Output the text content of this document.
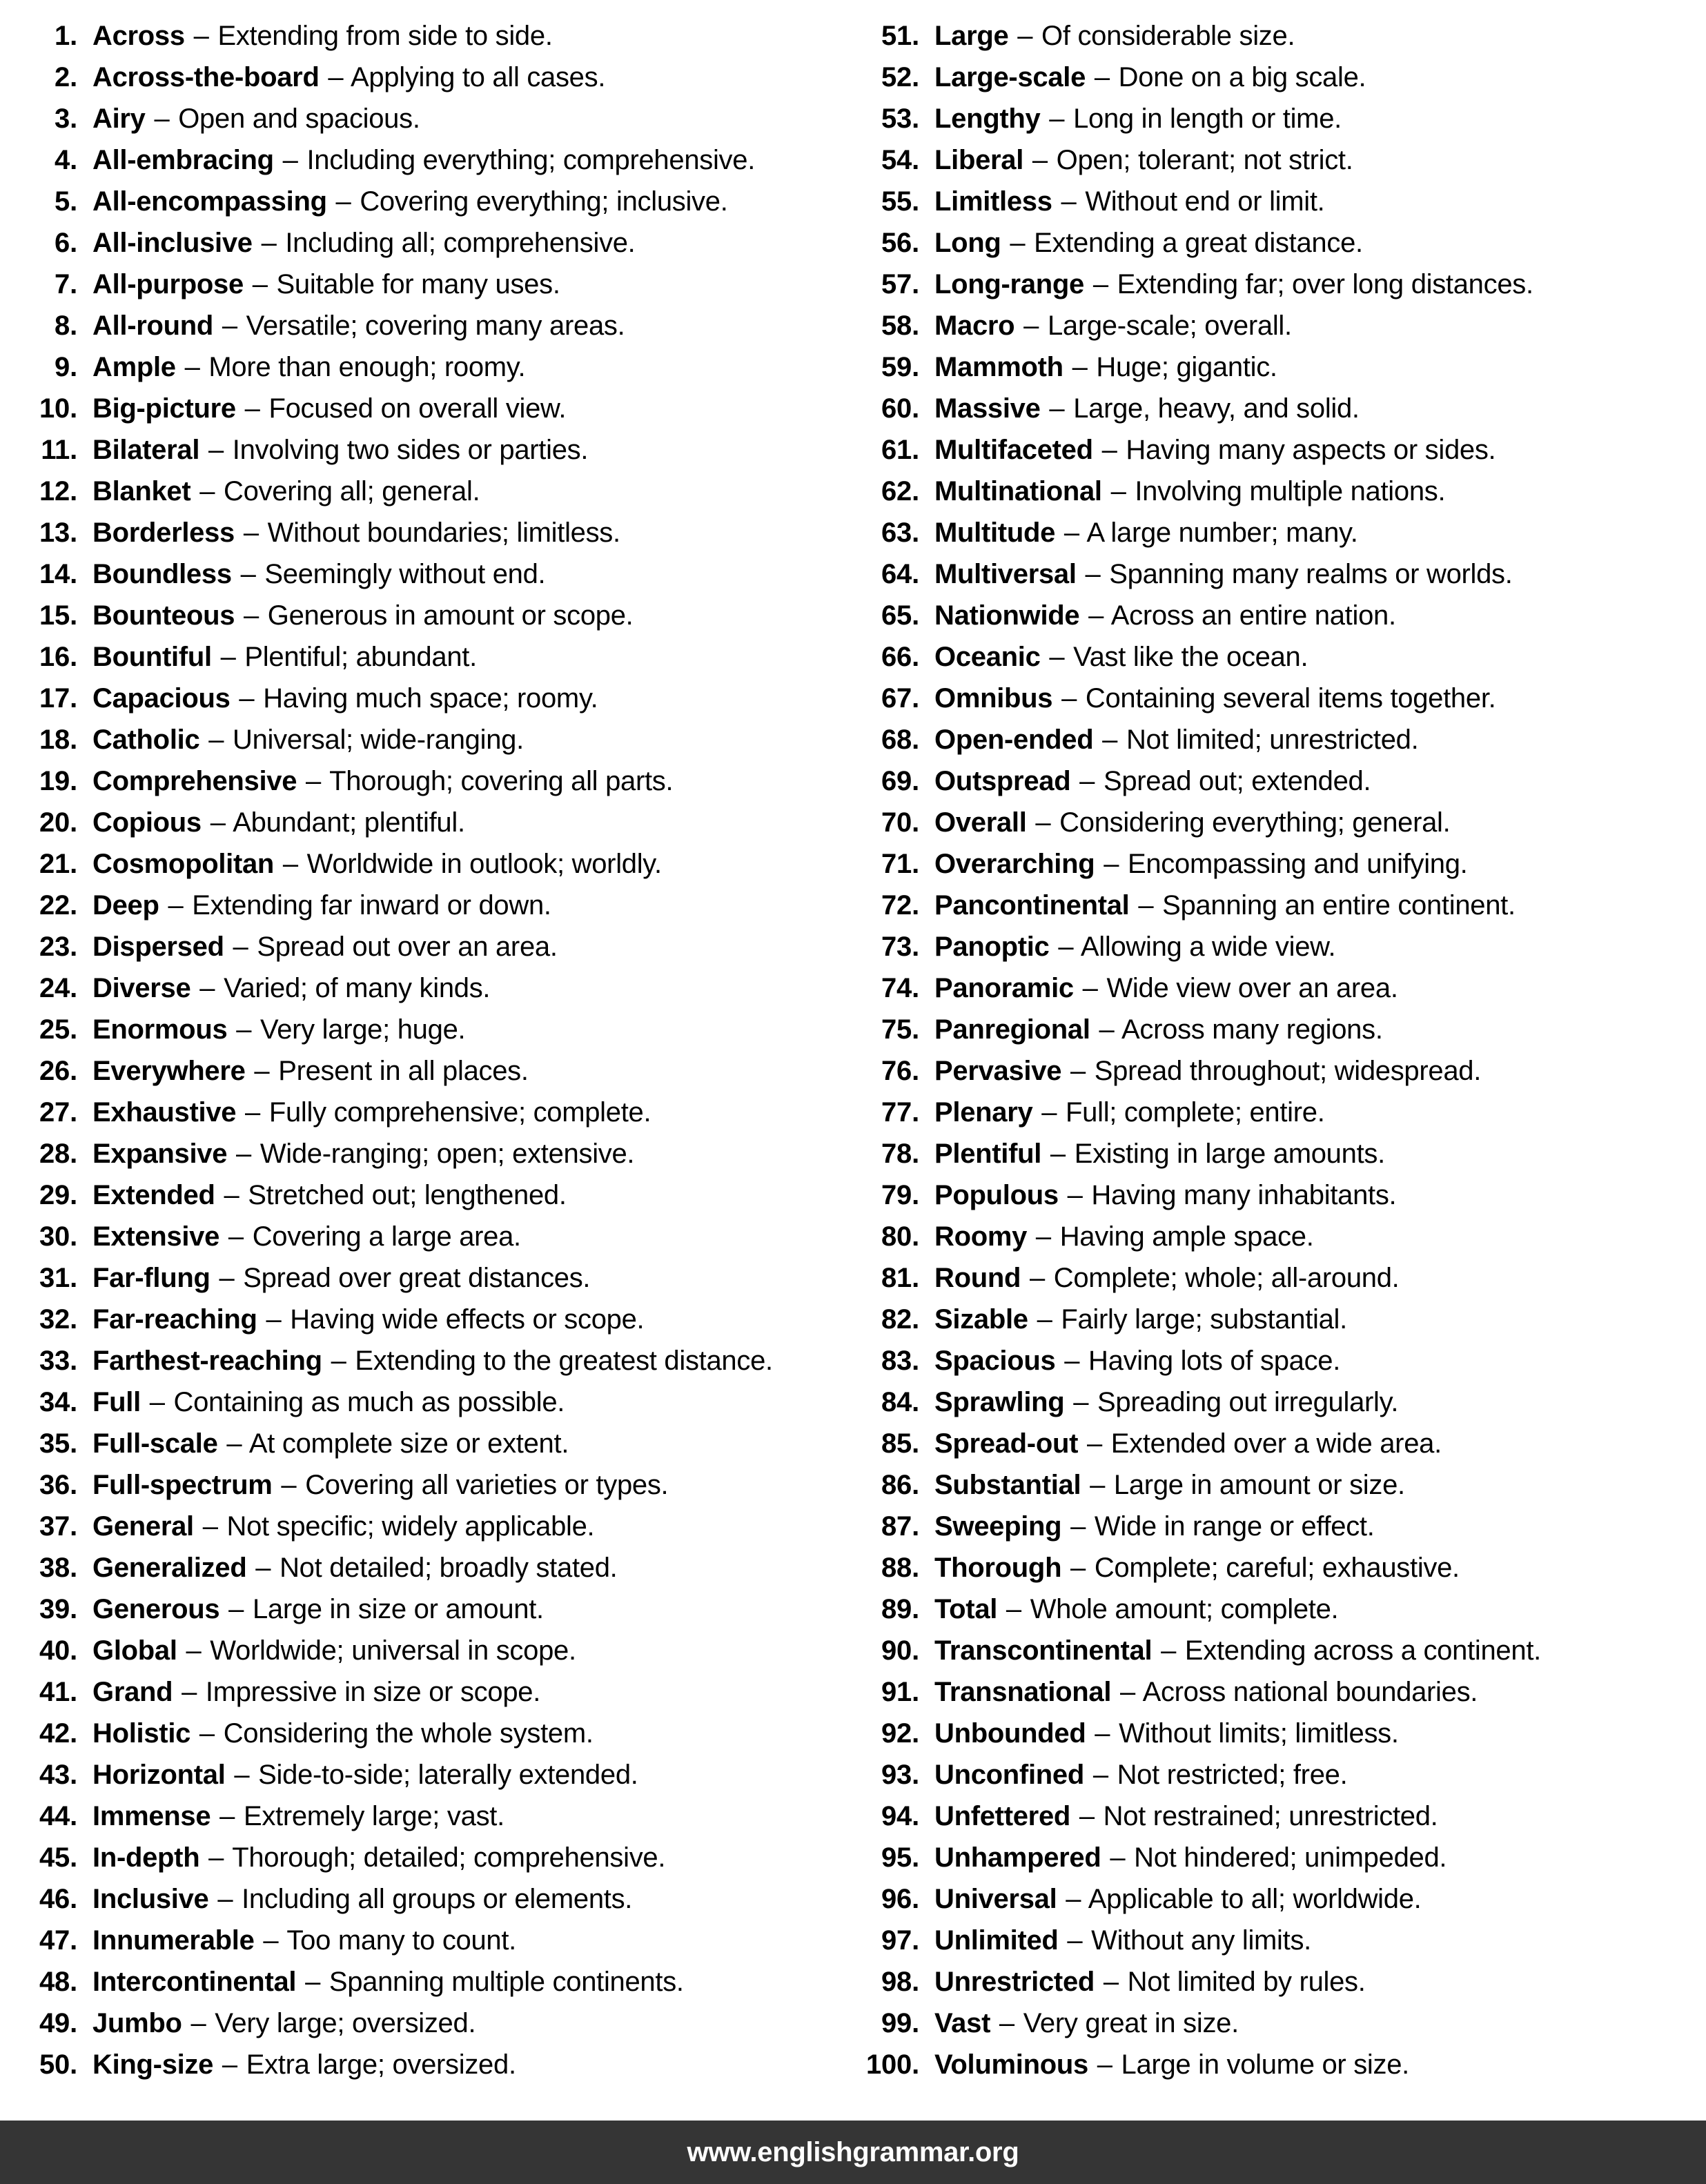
1. Across – Extending from side to side.
2. Across-the-board – Applying to all cases.
3. Airy – Open and spacious.
4. All-embracing – Including everything; comprehensive.
5. All-encompassing – Covering everything; inclusive.
6. All-inclusive – Including all; comprehensive.
7. All-purpose – Suitable for many uses.
8. All-round – Versatile; covering many areas.
9. Ample – More than enough; roomy.
10. Big-picture – Focused on overall view.
11. Bilateral – Involving two sides or parties.
12. Blanket – Covering all; general.
13. Borderless – Without boundaries; limitless.
14. Boundless – Seemingly without end.
15. Bounteous – Generous in amount or scope.
16. Bountiful – Plentiful; abundant.
17. Capacious – Having much space; roomy.
18. Catholic – Universal; wide-ranging.
19. Comprehensive – Thorough; covering all parts.
20. Copious – Abundant; plentiful.
21. Cosmopolitan – Worldwide in outlook; worldly.
22. Deep – Extending far inward or down.
23. Dispersed – Spread out over an area.
24. Diverse – Varied; of many kinds.
25. Enormous – Very large; huge.
26. Everywhere – Present in all places.
27. Exhaustive – Fully comprehensive; complete.
28. Expansive – Wide-ranging; open; extensive.
29. Extended – Stretched out; lengthened.
30. Extensive – Covering a large area.
31. Far-flung – Spread over great distances.
32. Far-reaching – Having wide effects or scope.
33. Farthest-reaching – Extending to the greatest distance.
34. Full – Containing as much as possible.
35. Full-scale – At complete size or extent.
36. Full-spectrum – Covering all varieties or types.
37. General – Not specific; widely applicable.
38. Generalized – Not detailed; broadly stated.
39. Generous – Large in size or amount.
40. Global – Worldwide; universal in scope.
41. Grand – Impressive in size or scope.
42. Holistic – Considering the whole system.
43. Horizontal – Side-to-side; laterally extended.
44. Immense – Extremely large; vast.
45. In-depth – Thorough; detailed; comprehensive.
46. Inclusive – Including all groups or elements.
47. Innumerable – Too many to count.
48. Intercontinental – Spanning multiple continents.
49. Jumbo – Very large; oversized.
50. King-size – Extra large; oversized.
51. Large – Of considerable size.
52. Large-scale – Done on a big scale.
53. Lengthy – Long in length or time.
54. Liberal – Open; tolerant; not strict.
55. Limitless – Without end or limit.
56. Long – Extending a great distance.
57. Long-range – Extending far; over long distances.
58. Macro – Large-scale; overall.
59. Mammoth – Huge; gigantic.
60. Massive – Large, heavy, and solid.
61. Multifaceted – Having many aspects or sides.
62. Multinational – Involving multiple nations.
63. Multitude – A large number; many.
64. Multiversal – Spanning many realms or worlds.
65. Nationwide – Across an entire nation.
66. Oceanic – Vast like the ocean.
67. Omnibus – Containing several items together.
68. Open-ended – Not limited; unrestricted.
69. Outspread – Spread out; extended.
70. Overall – Considering everything; general.
71. Overarching – Encompassing and unifying.
72. Pancontinental – Spanning an entire continent.
73. Panoptic – Allowing a wide view.
74. Panoramic – Wide view over an area.
75. Panregional – Across many regions.
76. Pervasive – Spread throughout; widespread.
77. Plenary – Full; complete; entire.
78. Plentiful – Existing in large amounts.
79. Populous – Having many inhabitants.
80. Roomy – Having ample space.
81. Round – Complete; whole; all-around.
82. Sizable – Fairly large; substantial.
83. Spacious – Having lots of space.
84. Sprawling – Spreading out irregularly.
85. Spread-out – Extended over a wide area.
86. Substantial – Large in amount or size.
87. Sweeping – Wide in range or effect.
88. Thorough – Complete; careful; exhaustive.
89. Total – Whole amount; complete.
90. Transcontinental – Extending across a continent.
91. Transnational – Across national boundaries.
92. Unbounded – Without limits; limitless.
93. Unconfined – Not restricted; free.
94. Unfettered – Not restrained; unrestricted.
95. Unhampered – Not hindered; unimpeded.
96. Universal – Applicable to all; worldwide.
97. Unlimited – Without any limits.
98. Unrestricted – Not limited by rules.
99. Vast – Very great in size.
100. Voluminous – Large in volume or size.
www.englishgrammar.org
